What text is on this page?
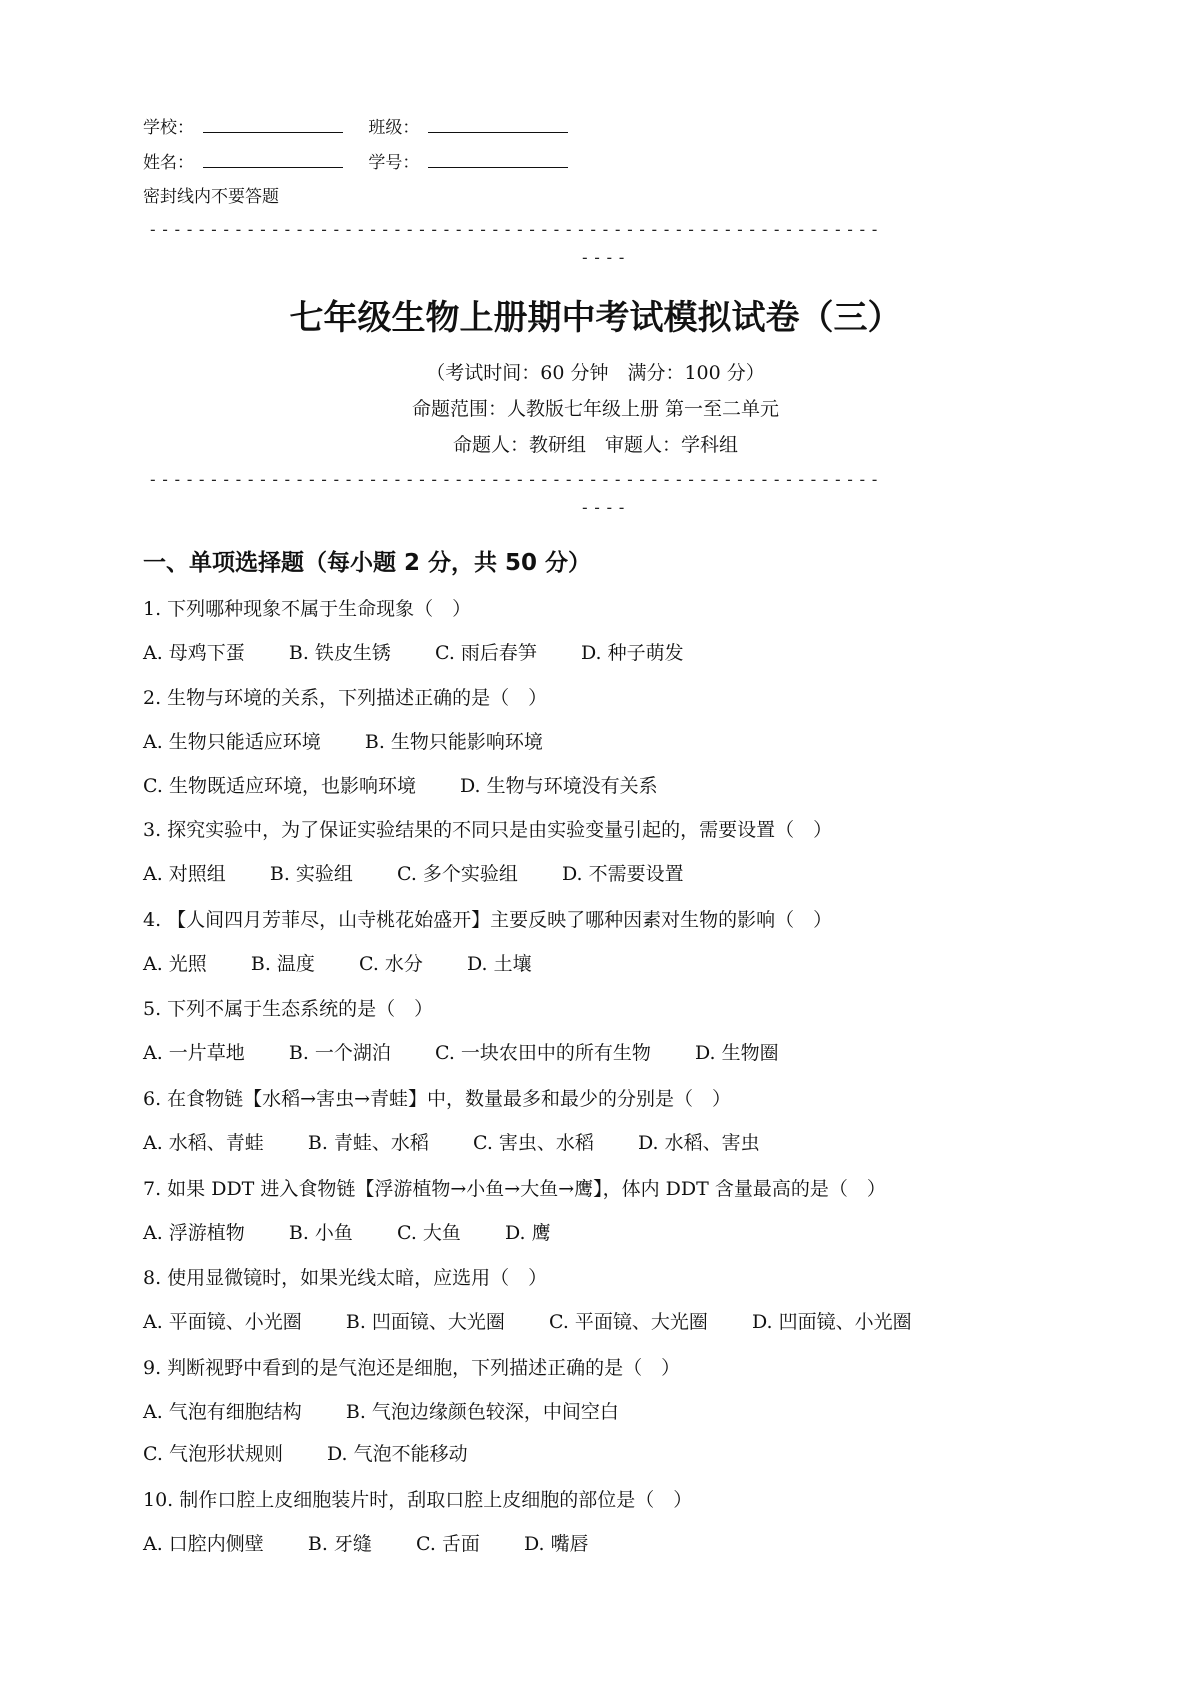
学校：	班级：
姓名：	学号：
密封线内不要答题
------------------------------------------------------------
----
七年级生物上册期中考试模拟试卷（三）
（考试时间：60 分钟　满分：100 分）
命题范围：人教版七年级上册 第一至二单元
命题人：教研组　审题人：学科组
------------------------------------------------------------
----
一、单项选择题（每小题 2 分，共 50 分）
1. 下列哪种现象不属于生命现象（　）
A. 母鸡下蛋 B. 铁皮生锈 C. 雨后春笋 D. 种子萌发
2. 生物与环境的关系，下列描述正确的是（　）
A. 生物只能适应环境 B. 生物只能影响环境
C. 生物既适应环境，也影响环境 D. 生物与环境没有关系
3. 探究实验中，为了保证实验结果的不同只是由实验变量引起的，需要设置（　）
A. 对照组 B. 实验组 C. 多个实验组 D. 不需要设置
4. 【人间四月芳菲尽，山寺桃花始盛开】主要反映了哪种因素对生物的影响（　）
A. 光照 B. 温度 C. 水分 D. 土壤
5. 下列不属于生态系统的是（　）
A. 一片草地 B. 一个湖泊 C. 一块农田中的所有生物 D. 生物圈
6. 在食物链【水稻→害虫→青蛙】中，数量最多和最少的分别是（　）
A. 水稻、青蛙 B. 青蛙、水稻 C. 害虫、水稻 D. 水稻、害虫
7. 如果 DDT 进入食物链【浮游植物→小鱼→大鱼→鹰】，体内 DDT 含量最高的是（　）
A. 浮游植物 B. 小鱼 C. 大鱼 D. 鹰
8. 使用显微镜时，如果光线太暗，应选用（　）
A. 平面镜、小光圈 B. 凹面镜、大光圈 C. 平面镜、大光圈 D. 凹面镜、小光圈
9. 判断视野中看到的是气泡还是细胞，下列描述正确的是（　）
A. 气泡有细胞结构 B. 气泡边缘颜色较深，中间空白
C. 气泡形状规则 D. 气泡不能移动
10. 制作口腔上皮细胞装片时，刮取口腔上皮细胞的部位是（　）
A. 口腔内侧壁 B. 牙缝 C. 舌面 D. 嘴唇
